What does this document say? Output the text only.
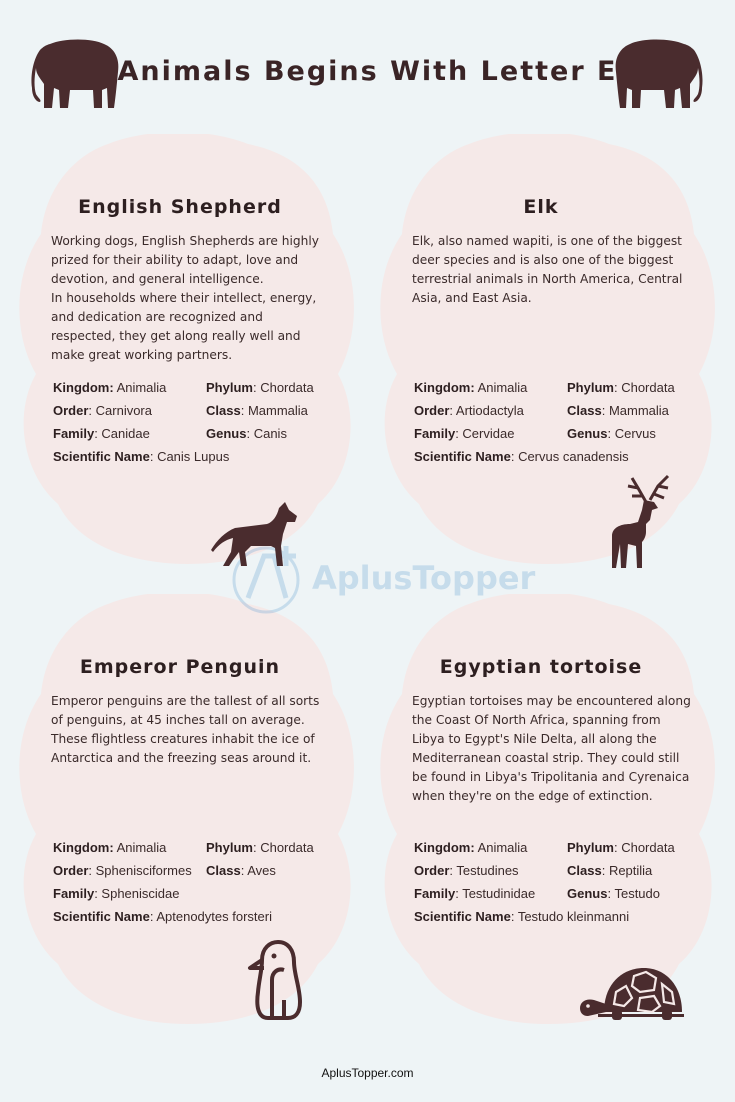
Animals Begins With Letter E
AplusTopper
English Shepherd

Working dogs, English Shepherds are highly prized for their ability to adapt, love and devotion, and general intelligence.
In households where their intellect, energy, and dedication are recognized and respected, they get along really well and make great working partners.

Kingdom: Animalia	Phylum: Chordata
Order: Carnivora	Class: Mammalia
Family: Canidae	Genus: Canis
Scientific Name: Canis Lupus
Elk

Elk, also named wapiti, is one of the biggest deer species and is also one of the biggest terrestrial animals in North America, Central Asia, and East Asia.

Kingdom: Animalia	Phylum: Chordata
Order: Artiodactyla	Class: Mammalia
Family: Cervidae	Genus: Cervus
Scientific Name: Cervus canadensis
Emperor Penguin

Emperor penguins are the tallest of all sorts of penguins, at 45 inches tall on average. These flightless creatures inhabit the ice of Antarctica and the freezing seas around it.

Kingdom: Animalia	Phylum: Chordata
Order: Sphenisciformes Class: Aves
Family: Spheniscidae
Scientific Name: Aptenodytes forsteri
Egyptian tortoise

Egyptian tortoises may be encountered along the Coast Of North Africa, spanning from Libya to Egypt's Nile Delta, all along the Mediterranean coastal strip. They could still be found in Libya's Tripolitania and Cyrenaica when they're on the edge of extinction.

Kingdom: Animalia	Phylum: Chordata
Order: Testudines	Class: Reptilia
Family: Testudinidae Genus: Testudo
Scientific Name: Testudo kleinmanni
AplusTopper.com
